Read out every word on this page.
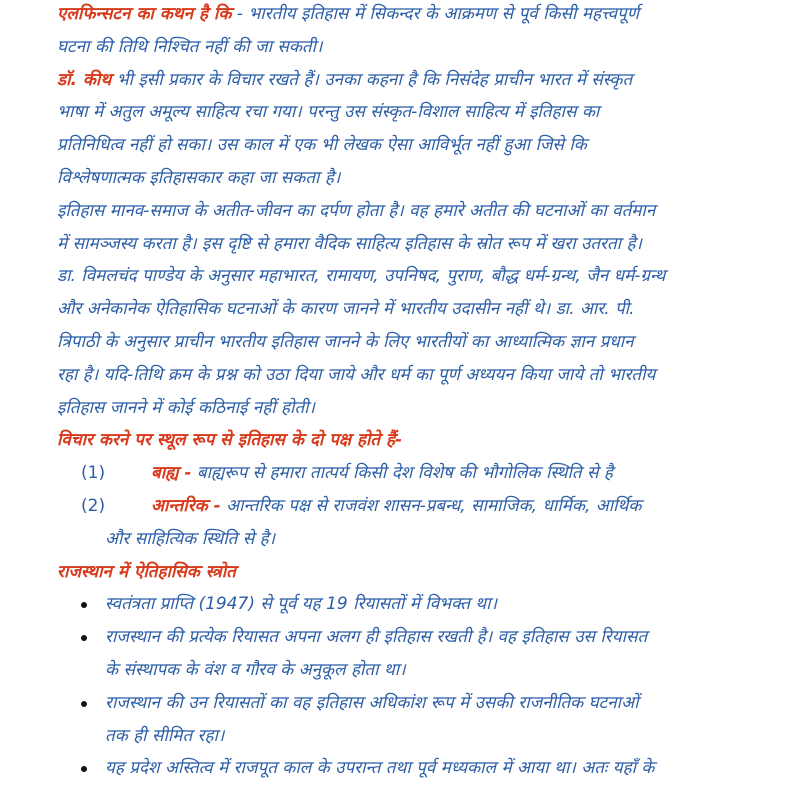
एलफिन्सटन का कथन है कि - भारतीय इतिहास में सिकन्दर के आक्रमण से पूर्व किसी महत्त्वपूर्ण
घटना की तिथि निश्चित नहीं की जा सकती।
डॉ. कीथ भी इसी प्रकार के विचार रखते हैं। उनका कहना है कि निसंदेह प्राचीन भारत में संस्कृत
भाषा में अतुल अमूल्य साहित्य रचा गया। परन्तु उस संस्कृत-विशाल साहित्य में इतिहास का
प्रतिनिधित्व नहीं हो सका। उस काल में एक भी लेखक ऐसा आविर्भूत नहीं हुआ जिसे कि
विश्लेषणात्मक इतिहासकार कहा जा सकता है।
इतिहास मानव-समाज के अतीत-जीवन का दर्पण होता है। वह हमारे अतीत की घटनाओं का वर्तमान
में सामञ्जस्य करता है। इस दृष्टि से हमारा वैदिक साहित्य इतिहास के स्रोत रूप में खरा उतरता है।
डा. विमलचंद पाण्डेय के अनुसार महाभारत, रामायण, उपनिषद, पुराण, बौद्ध धर्म-ग्रन्थ, जैन धर्म-ग्रन्थ
और अनेकानेक ऐतिहासिक घटनाओं के कारण जानने में भारतीय उदासीन नहीं थे। डा. आर. पी.
त्रिपाठी के अनुसार प्राचीन भारतीय इतिहास जानने के लिए भारतीयों का आध्यात्मिक ज्ञान प्रधान
रहा है। यदि-तिथि क्रम के प्रश्न को उठा दिया जाये और धर्म का पूर्ण अध्ययन किया जाये तो भारतीय
इतिहास जानने में कोई कठिनाई नहीं होती।
विचार करने पर स्थूल रूप से इतिहास के दो पक्ष होते हैं-
(1)	बाह्य - बाह्यरूप से हमारा तात्पर्य किसी देश विशेष की भौगोलिक स्थिति से है
(2)	आन्तरिक - आन्तरिक पक्ष से राजवंश शासन-प्रबन्ध, सामाजिक, धार्मिक, आर्थिक
और साहित्यिक स्थिति से है।
राजस्थान में ऐतिहासिक स्त्रोत
स्वतंत्रता प्राप्ति (1947) से पूर्व यह 19 रियासतों में विभक्त था।
राजस्थान की प्रत्येक रियासत अपना अलग ही इतिहास रखती है। वह इतिहास उस रियासत
के संस्थापक के वंश व गौरव के अनुकूल होता था।
राजस्थान की उन रियासतों का वह इतिहास अधिकांश रूप में उसकी राजनीतिक घटनाओं
तक ही सीमित रहा।
यह प्रदेश अस्तित्व में राजपूत काल के उपरान्त तथा पूर्व मध्यकाल में आया था। अतः यहाँ के
